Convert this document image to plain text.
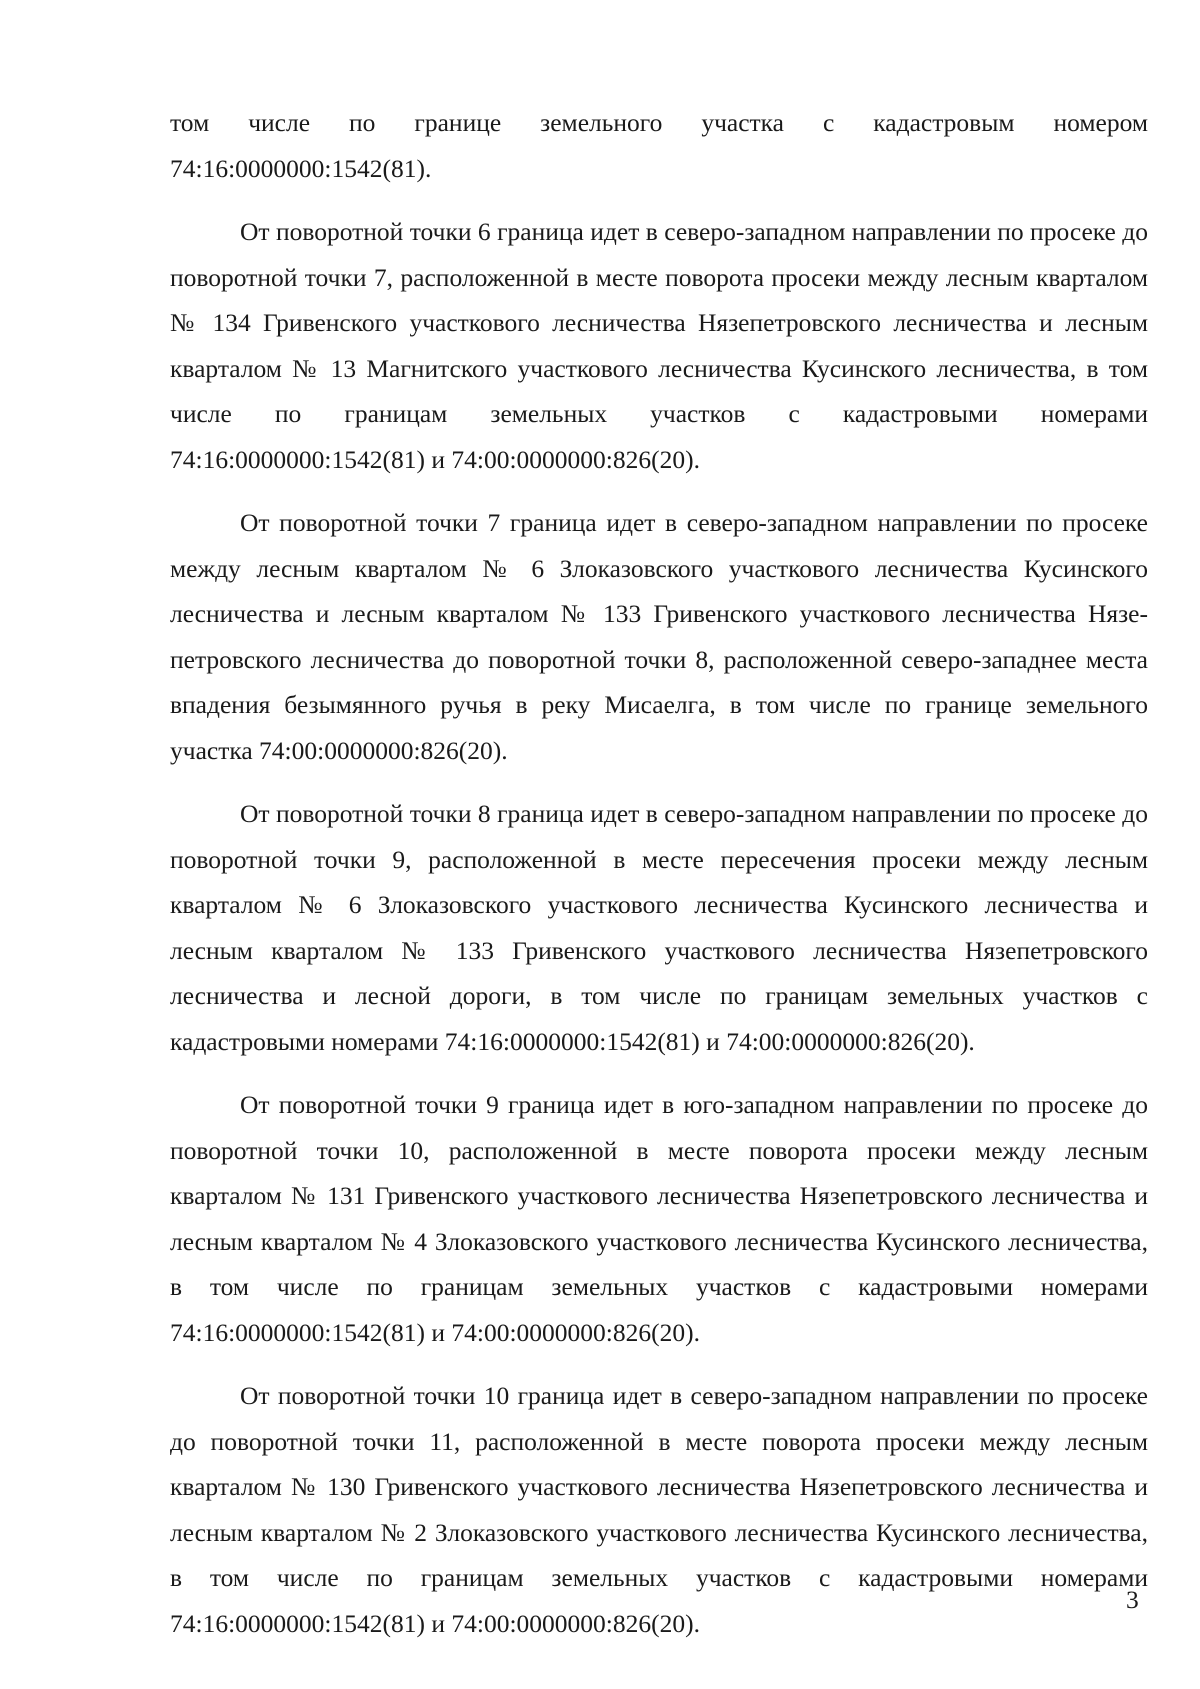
том числе по границе земельного участка с кадастровым номером 74:16:0000000:1542(81).

От поворотной точки 6 граница идет в северо-западном направлении по просеке до поворотной точки 7, расположенной в месте поворота просеки между лесным кварталом № 134 Гривенского участкового лесничества Нязепетровского лесничества и лесным кварталом № 13 Магнитского участкового лесничества Кусинского лесничества, в том числе по границам земельных участков с кадастровыми номерами 74:16:0000000:1542(81) и 74:00:0000000:826(20).

От поворотной точки 7 граница идет в северо-западном направлении по просеке между лесным кварталом № 6 Злоказовского участкового лесничества Кусинского лесничества и лесным кварталом № 133 Гривенского участкового лесничества Нязепетровского лесничества до поворотной точки 8, расположенной северо-западнее места впадения безымянного ручья в реку Мисаелга, в том числе по границе земельного участка 74:00:0000000:826(20).

От поворотной точки 8 граница идет в северо-западном направлении по просеке до поворотной точки 9, расположенной в месте пересечения просеки между лесным кварталом № 6 Злоказовского участкового лесничества Кусинского лесничества и лесным кварталом № 133 Гривенского участкового лесничества Нязепетровского лесничества и лесной дороги, в том числе по границам земельных участков с кадастровыми номерами 74:16:0000000:1542(81) и 74:00:0000000:826(20).

От поворотной точки 9 граница идет в юго-западном направлении по просеке до поворотной точки 10, расположенной в месте поворота просеки между лесным кварталом № 131 Гривенского участкового лесничества Нязепетровского лесничества и лесным кварталом № 4 Злоказовского участкового лесничества Кусинского лесничества, в том числе по границам земельных участков с кадастровыми номерами 74:16:0000000:1542(81) и 74:00:0000000:826(20).

От поворотной точки 10 граница идет в северо-западном направлении по просеке до поворотной точки 11, расположенной в месте поворота просеки между лесным кварталом № 130 Гривенского участкового лесничества Нязепетровского лесничества и лесным кварталом № 2 Злоказовского участкового лесничества Кусинского лесничества, в том числе по границам земельных участков с кадастровыми номерами 74:16:0000000:1542(81) и 74:00:0000000:826(20).

3
